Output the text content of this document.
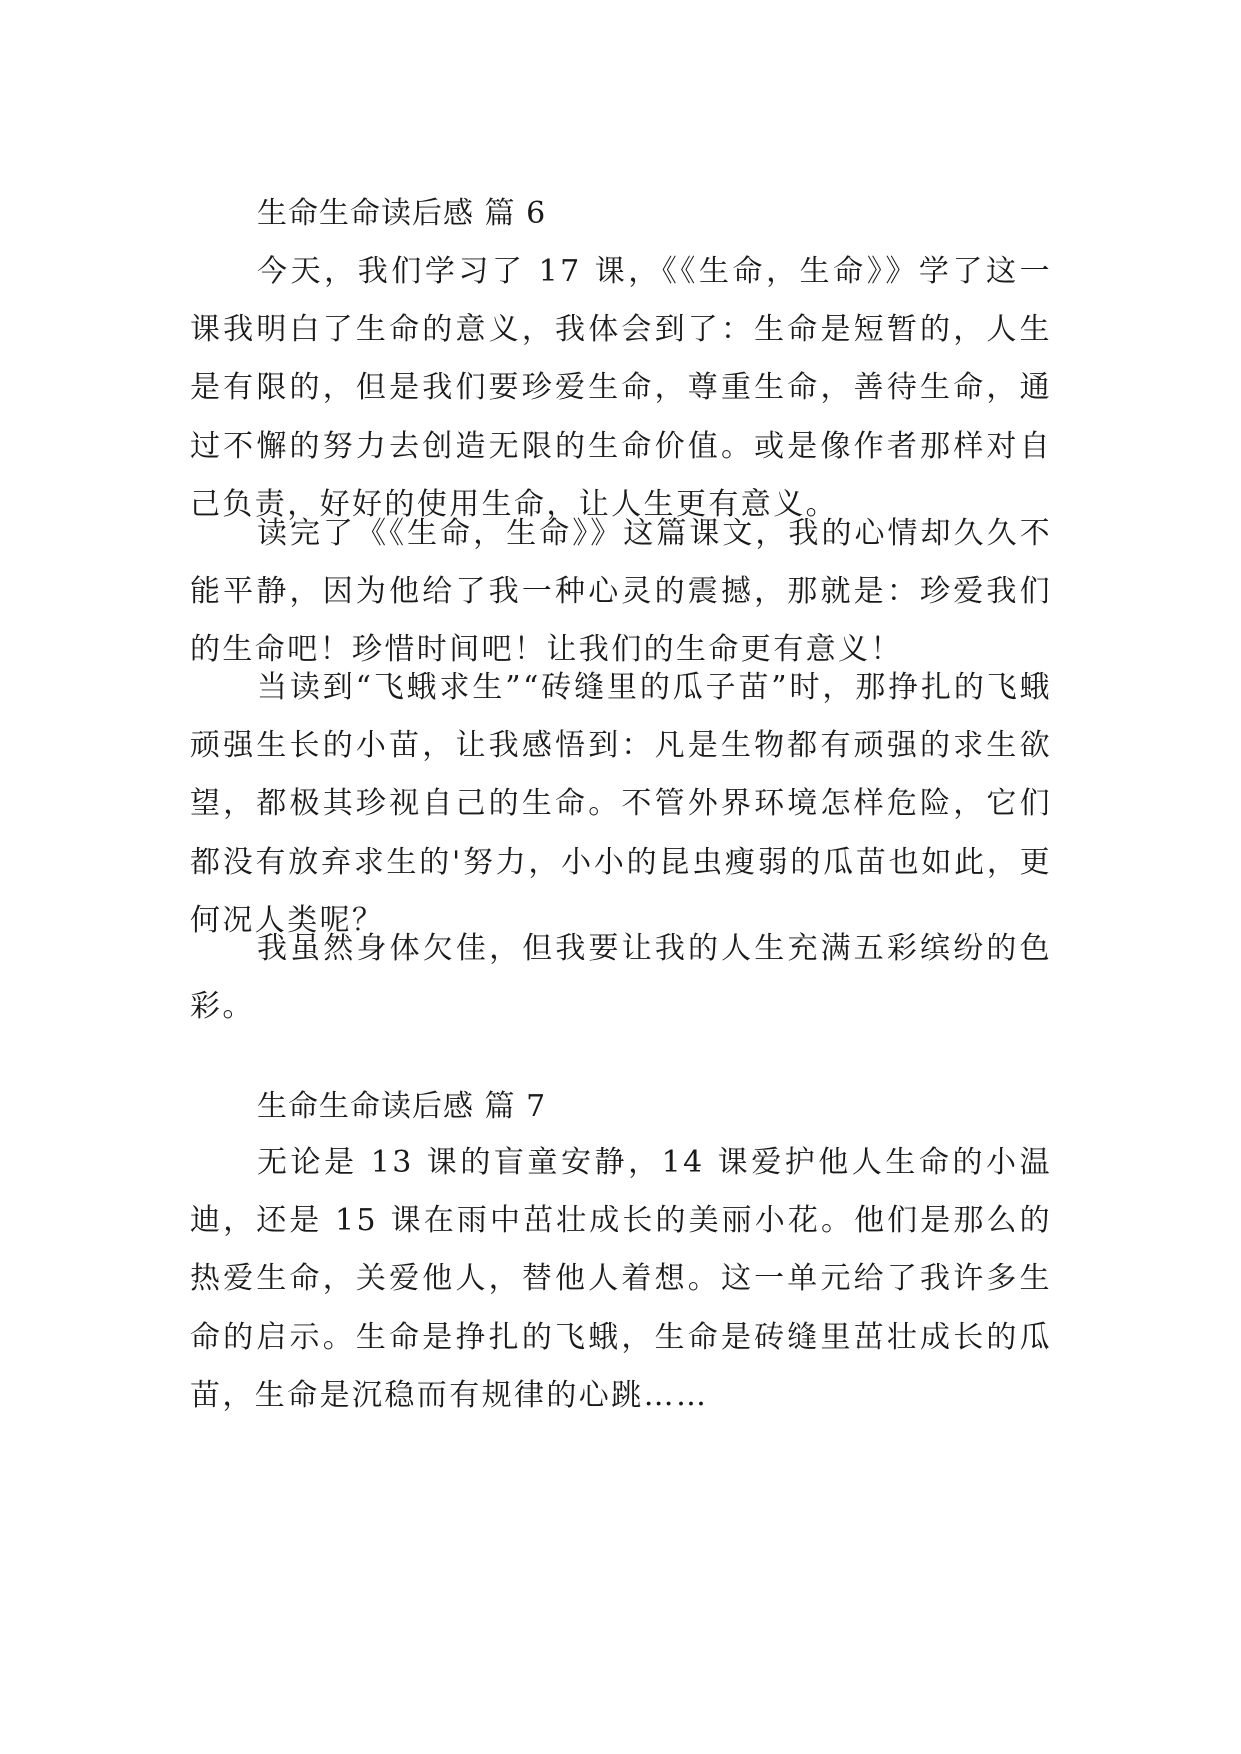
生命生命读后感 篇 6

今天，我们学习了 17 课，《《生命，生命》》学了这一课我明白了生命的意义，我体会到了：生命是短暂的，人生是有限的，但是我们要珍爱生命，尊重生命，善待生命，通过不懈的努力去创造无限的生命价值。或是像作者那样对自己负责，好好的使用生命，让人生更有意义。

读完了《《生命，生命》》这篇课文，我的心情却久久不能平静，因为他给了我一种心灵的震撼，那就是：珍爱我们的生命吧！珍惜时间吧！让我们的生命更有意义！

当读到“飞蛾求生”“砖缝里的瓜子苗”时，那挣扎的飞蛾顽强生长的小苗，让我感悟到：凡是生物都有顽强的求生欲望，都极其珍视自己的生命。不管外界环境怎样危险，它们都没有放弃求生的'努力，小小的昆虫瘦弱的瓜苗也如此，更何况人类呢？

我虽然身体欠佳，但我要让我的人生充满五彩缤纷的色彩。

生命生命读后感 篇 7

无论是 13 课的盲童安静，14 课爱护他人生命的小温迪，还是 15 课在雨中茁壮成长的美丽小花。他们是那么的热爱生命，关爱他人，替他人着想。这一单元给了我许多生命的启示。生命是挣扎的飞蛾，生命是砖缝里茁壮成长的瓜苗，生命是沉稳而有规律的心跳……
